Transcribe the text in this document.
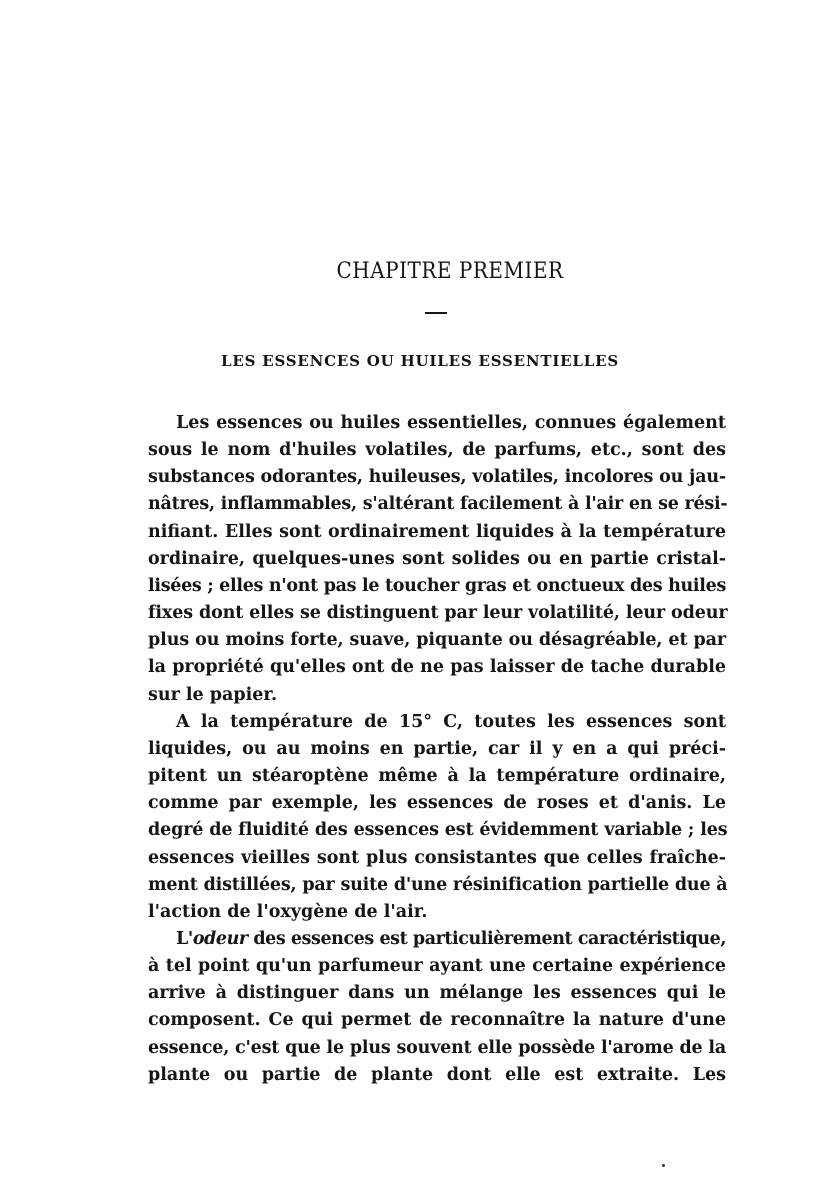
CHAPITRE PREMIER
LES ESSENCES OU HUILES ESSENTIELLES
Les essences ou huiles essentielles, connues également
sous le nom d'huiles volatiles, de parfums, etc., sont des
substances odorantes, huileuses, volatiles, incolores ou jau-
nâtres, inflammables, s'altérant facilement à l'air en se rési-
nifiant. Elles sont ordinairement liquides à la température
ordinaire, quelques-unes sont solides ou en partie cristal-
lisées ; elles n'ont pas le toucher gras et onctueux des huiles
fixes dont elles se distinguent par leur volatilité, leur odeur
plus ou moins forte, suave, piquante ou désagréable, et par
la propriété qu'elles ont de ne pas laisser de tache durable
sur le papier.
A la température de 15° C, toutes les essences sont
liquides, ou au moins en partie, car il y en a qui préci-
pitent un stéaroptène même à la température ordinaire,
comme par exemple, les essences de roses et d'anis. Le
degré de fluidité des essences est évidemment variable ; les
essences vieilles sont plus consistantes que celles fraîche-
ment distillées, par suite d'une résinification partielle due à
l'action de l'oxygène de l'air.
L'odeur des essences est particulièrement caractéristique,
à tel point qu'un parfumeur ayant une certaine expérience
arrive à distinguer dans un mélange les essences qui le
composent. Ce qui permet de reconnaître la nature d'une
essence, c'est que le plus souvent elle possède l'arome de la
plante ou partie de plante dont elle est extraite. Les
